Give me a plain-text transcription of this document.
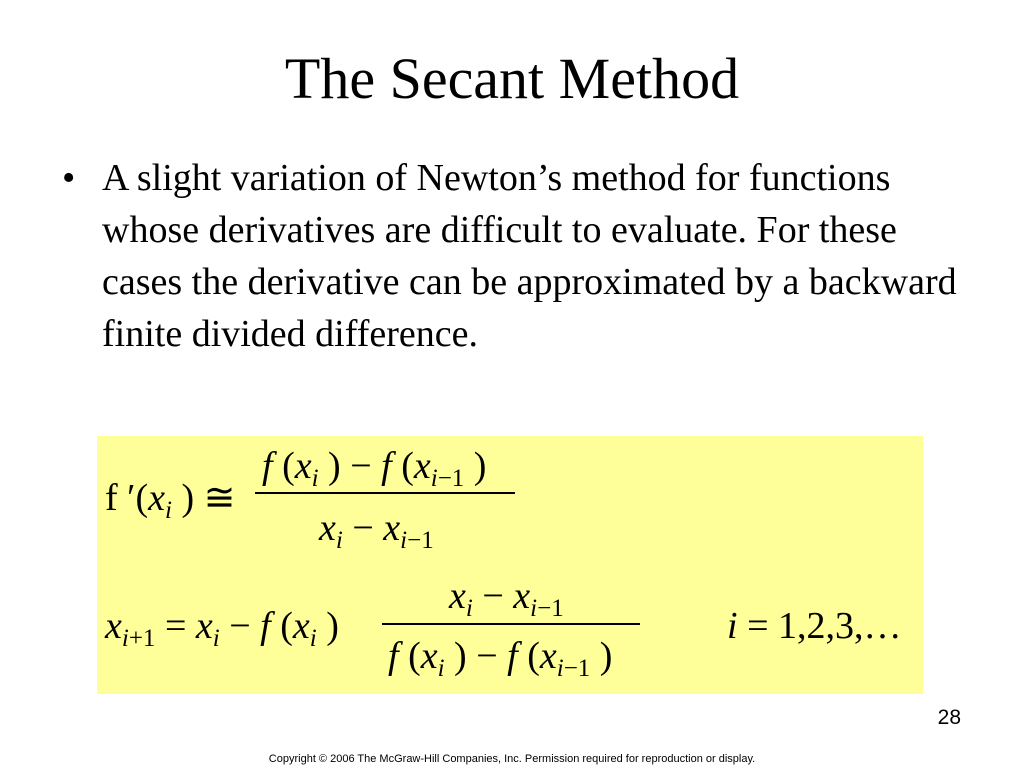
The Secant Method
• A slight variation of Newton’s method for functions whose derivatives are difficult to evaluate. For these cases the derivative can be approximated by a backward finite divided difference.
f $'(x_i$ ) ≅
f ($x_i$ ) − f ($x_i-1$ )
$x_i - x_i-1$
$x_i+1 = x_i - f$ ($x_i$ )
$x_i - x_i-1$
f ($x_i$ ) − f ($x_i-1$ )
i = 1,2,3,…
28
Copyright © 2006 The McGraw-Hill Companies, Inc. Permission required for reproduction or display.
